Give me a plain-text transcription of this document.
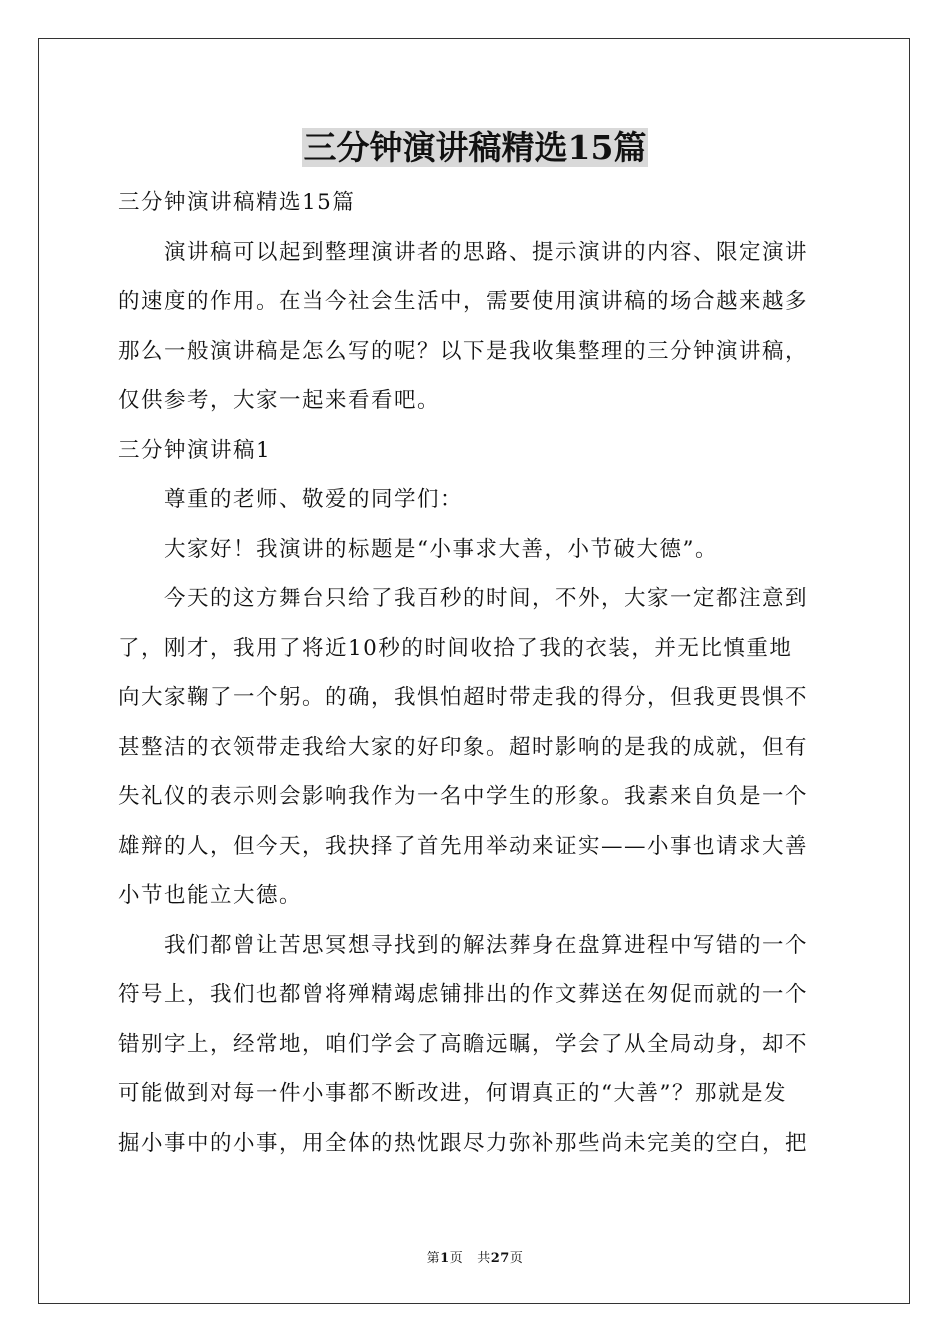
三分钟演讲稿精选15篇
三分钟演讲稿精选15篇
演讲稿可以起到整理演讲者的思路、提示演讲的内容、限定演讲
的速度的作用。在当今社会生活中，需要使用演讲稿的场合越来越多
那么一般演讲稿是怎么写的呢？以下是我收集整理的三分钟演讲稿，
仅供参考，大家一起来看看吧。
三分钟演讲稿1
尊重的老师、敬爱的同学们：
大家好！我演讲的标题是“小事求大善，小节破大德”。
今天的这方舞台只给了我百秒的时间，不外，大家一定都注意到
了，刚才，我用了将近10秒的时间收拾了我的衣装，并无比慎重地
向大家鞠了一个躬。的确，我惧怕超时带走我的得分，但我更畏惧不
甚整洁的衣领带走我给大家的好印象。超时影响的是我的成就，但有
失礼仪的表示则会影响我作为一名中学生的形象。我素来自负是一个
雄辩的人，但今天，我抉择了首先用举动来证实——小事也请求大善
小节也能立大德。
我们都曾让苦思冥想寻找到的解法葬身在盘算进程中写错的一个
符号上，我们也都曾将殚精竭虑铺排出的作文葬送在匆促而就的一个
错别字上，经常地，咱们学会了高瞻远瞩，学会了从全局动身，却不
可能做到对每一件小事都不断改进，何谓真正的“大善”？那就是发
掘小事中的小事，用全体的热忱跟尽力弥补那些尚未完美的空白，把
第1页 共27页
